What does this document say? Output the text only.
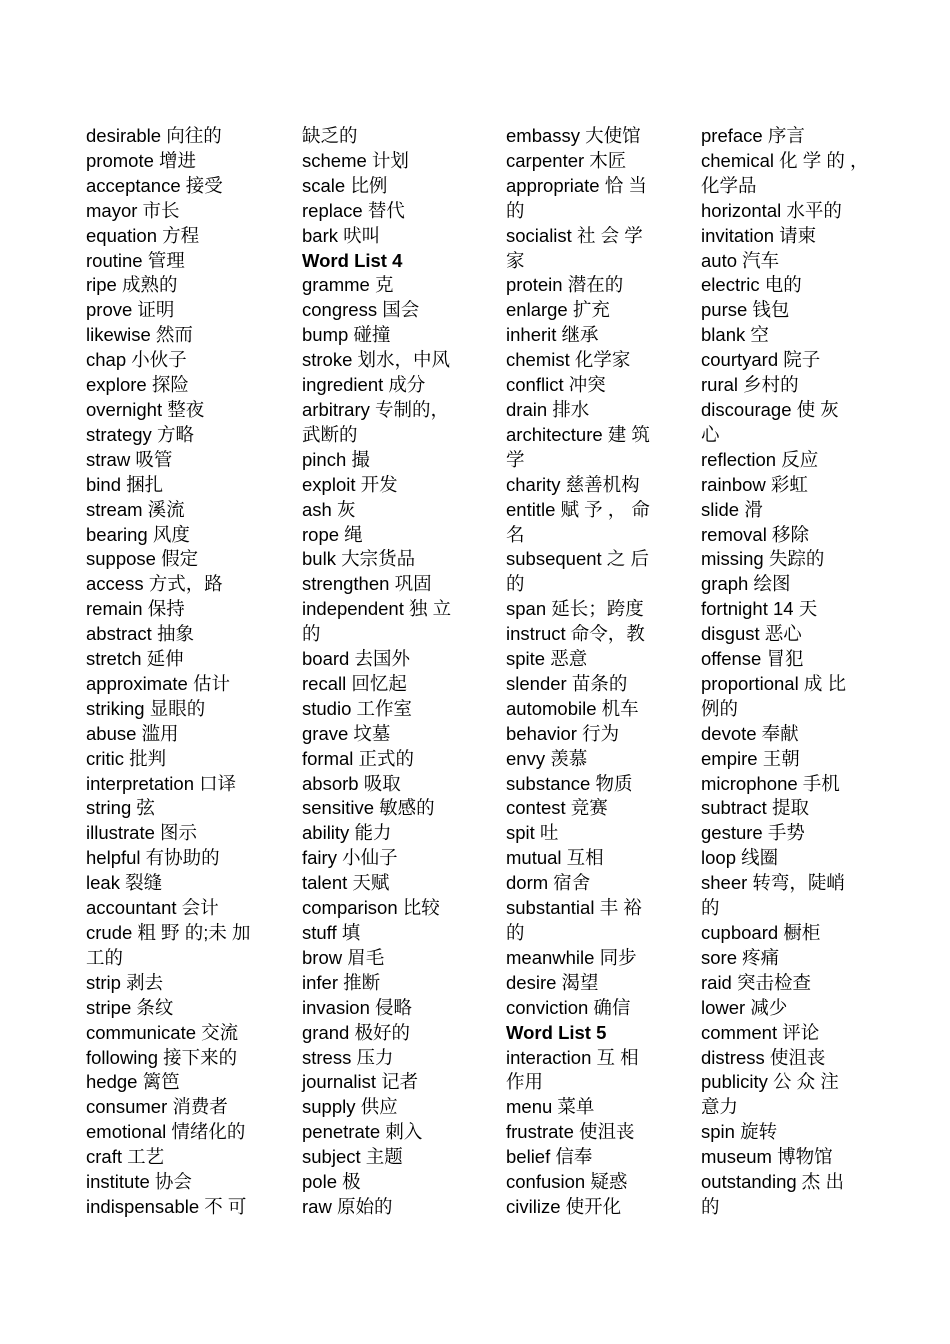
desirable 向往的
promote 增进
acceptance 接受
mayor 市长
equation 方程
routine 管理
ripe 成熟的
prove 证明
likewise 然而
chap 小伙子
explore 探险
overnight 整夜
strategy 方略
straw 吸管
bind 捆扎
stream 溪流
bearing 风度
suppose 假定
access 方式，路
remain 保持
abstract 抽象
stretch 延伸
approximate 估计
striking 显眼的
abuse 滥用
critic 批判
interpretation 口译
string 弦
illustrate 图示
helpful 有协助的
leak 裂缝
accountant 会计
crude 粗 野 的;未 加
工的
strip 剥去
stripe 条纹
communicate 交流
following 接下来的
hedge 篱笆
consumer 消费者
emotional 情绪化的
craft 工艺
institute 协会
indispensable 不 可
缺乏的
scheme 计划
scale 比例
replace 替代
bark 吠叫
Word List 4
gramme 克
congress 国会
bump 碰撞
stroke 划水，中风
ingredient 成分
arbitrary 专制的，
武断的
pinch 撮
exploit 开发
ash 灰
rope 绳
bulk 大宗货品
strengthen 巩固
independent 独 立
的
board 去国外
recall 回忆起
studio 工作室
grave 坟墓
formal 正式的
absorb 吸取
sensitive 敏感的
ability 能力
fairy 小仙子
talent 天赋
comparison 比较
stuff 填
brow 眉毛
infer 推断
invasion 侵略
grand 极好的
stress 压力
journalist 记者
supply 供应
penetrate 刺入
subject 主题
pole 极
raw 原始的
embassy 大使馆
carpenter 木匠
appropriate 恰 当
的
socialist 社 会 学
家
protein 潜在的
enlarge 扩充
inherit 继承
chemist 化学家
conflict 冲突
drain 排水
architecture 建 筑
学
charity 慈善机构
entitle 赋 予 ， 命
名
subsequent 之 后
的
span 延长；跨度
instruct 命令，教
spite 恶意
slender 苗条的
automobile 机车
behavior 行为
envy 羡慕
substance 物质
contest 竞赛
spit 吐
mutual 互相
dorm 宿舍
substantial 丰 裕
的
meanwhile 同步
desire 渴望
conviction 确信
Word List 5
interaction 互 相
作用
menu 菜单
frustrate 使沮丧
belief 信奉
confusion 疑惑
civilize 使开化
preface 序言
chemical 化 学 的 ，
化学品
horizontal 水平的
invitation 请柬
auto 汽车
electric 电的
purse 钱包
blank 空
courtyard 院子
rural 乡村的
discourage 使 灰
心
reflection 反应
rainbow 彩虹
slide 滑
removal 移除
missing 失踪的
graph 绘图
fortnight 14 天
disgust 恶心
offense 冒犯
proportional 成 比
例的
devote 奉献
empire 王朝
microphone 手机
subtract 提取
gesture 手势
loop 线圈
sheer 转弯，陡峭
的
cupboard 橱柜
sore 疼痛
raid 突击检查
lower 减少
comment 评论
distress 使沮丧
publicity 公 众 注
意力
spin 旋转
museum 博物馆
outstanding 杰 出
的
